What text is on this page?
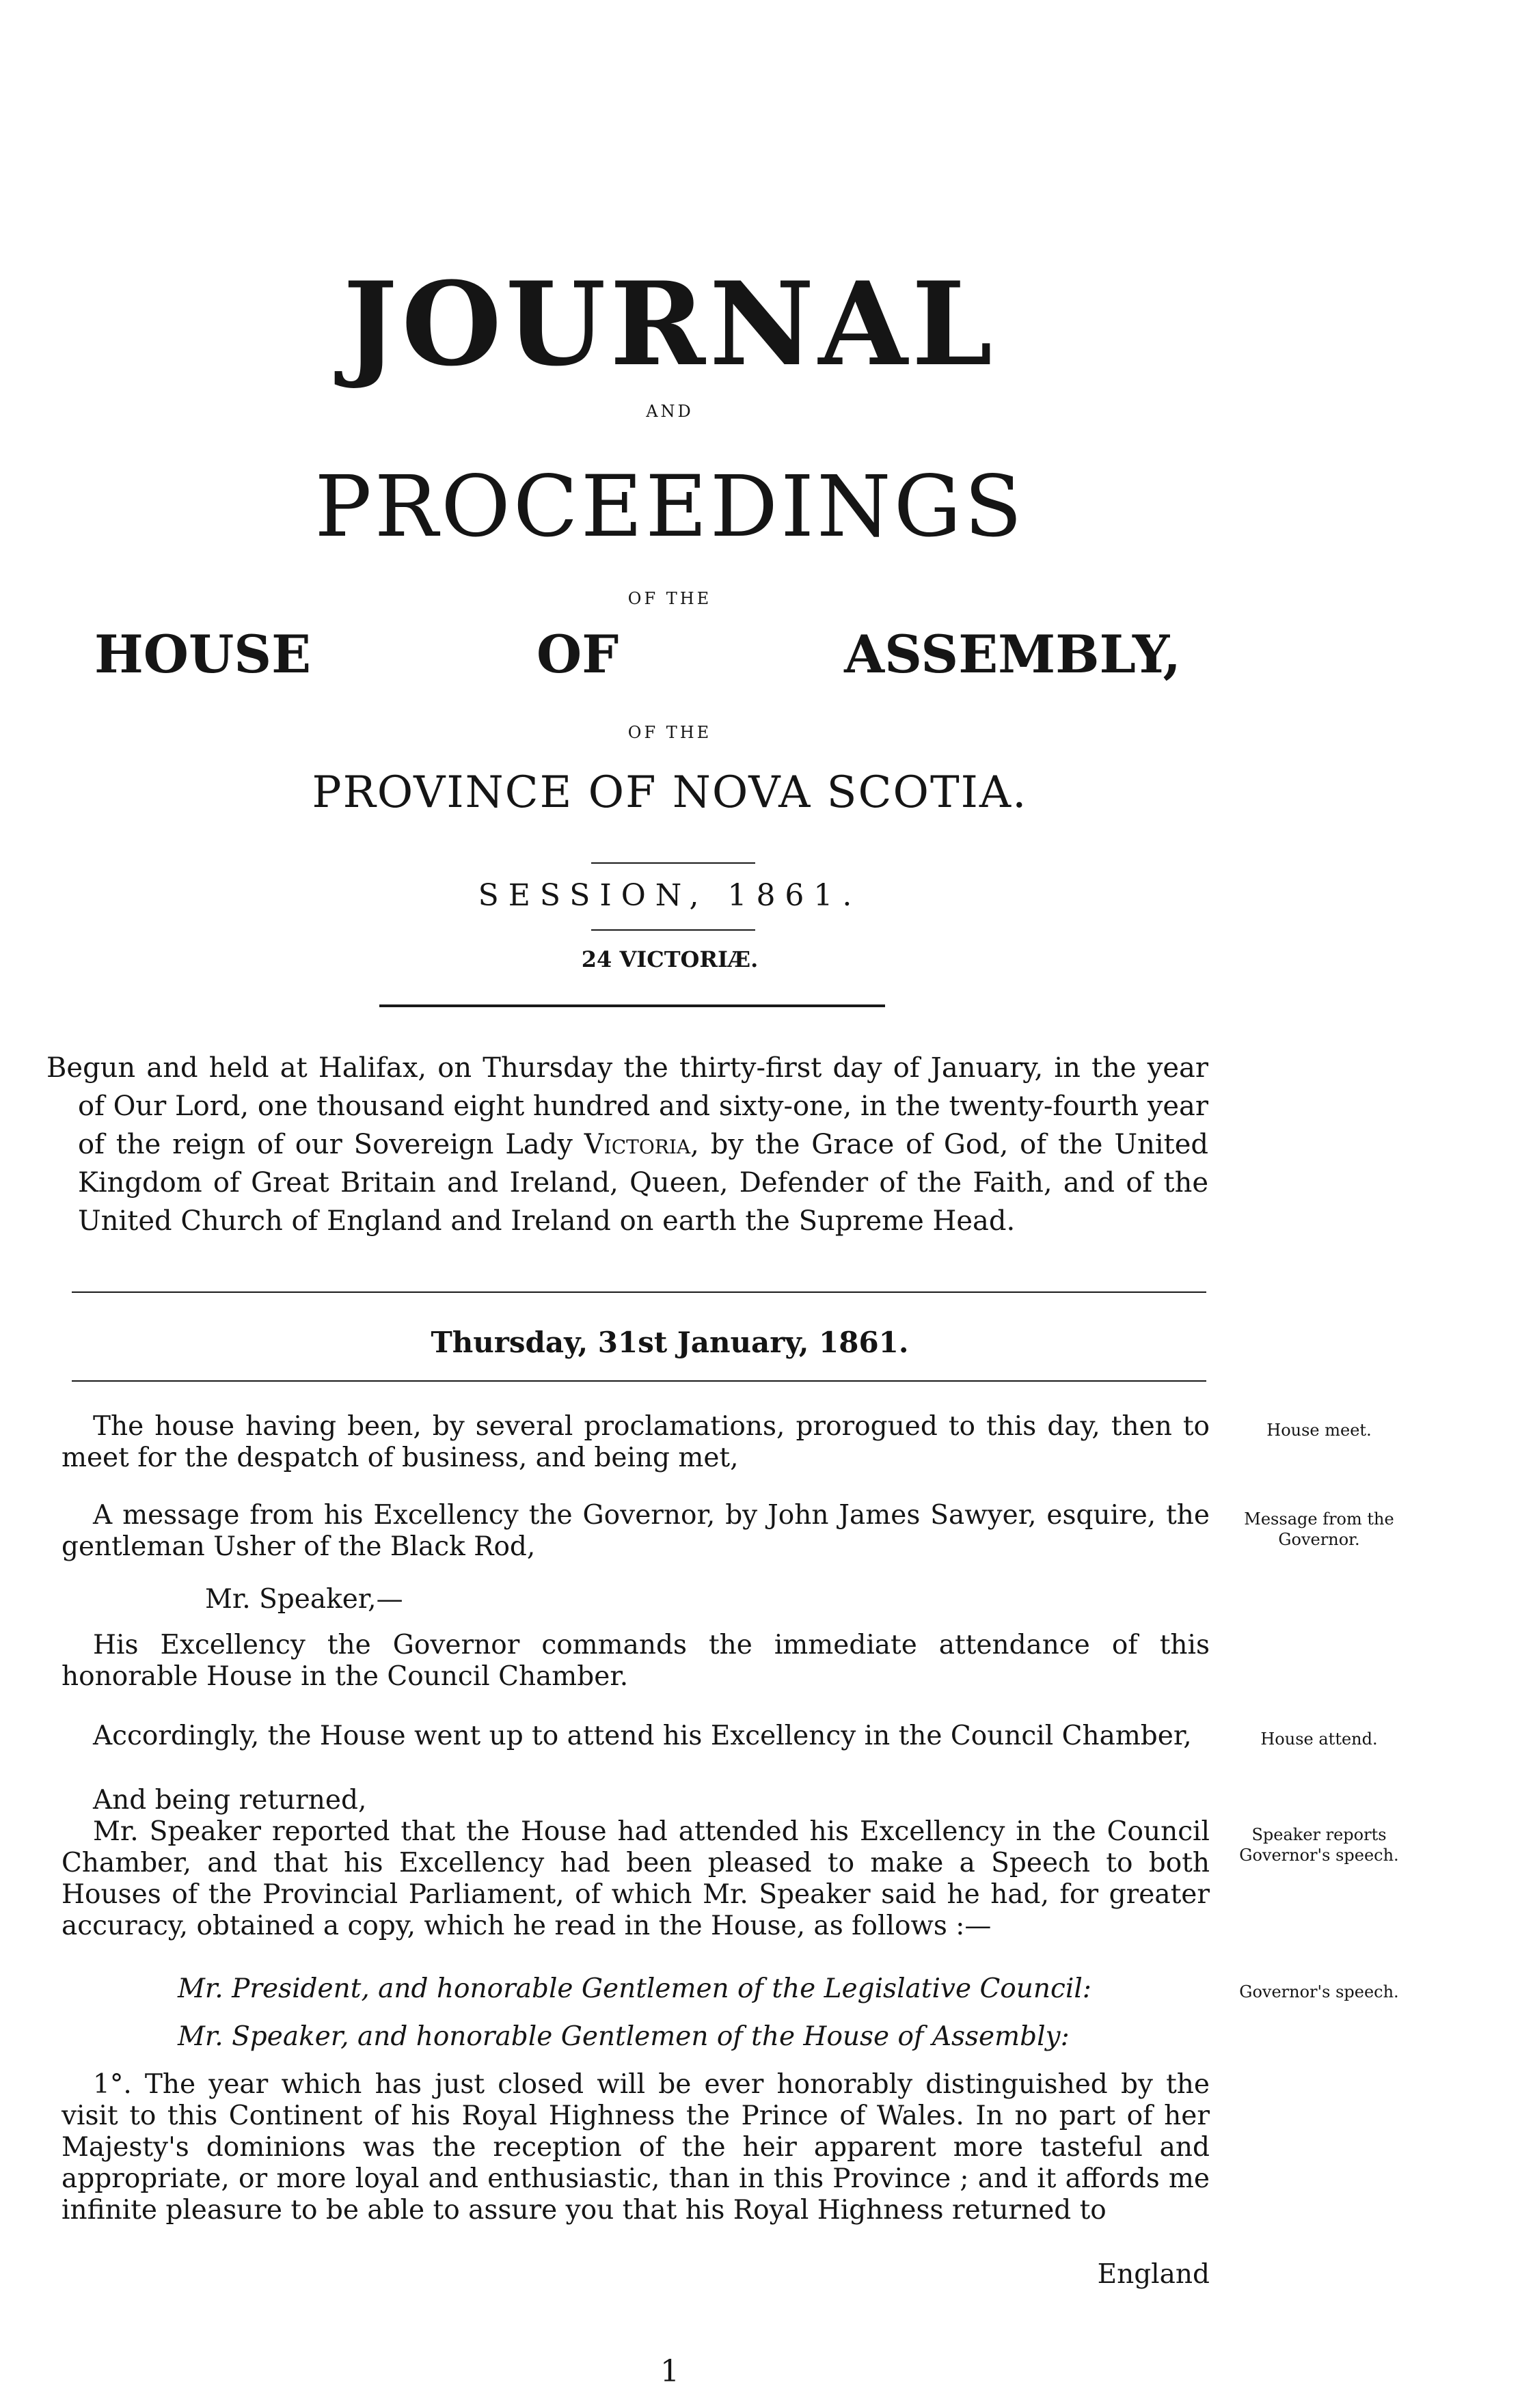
JOURNAL
AND
PROCEEDINGS
OF THE
HOUSE	OF	ASSEMBLY,
OF THE
PROVINCE OF NOVA SCOTIA.
SESSION, 1861.
24 VICTORIÆ.

Begun and held at Halifax, on Thursday the thirty-first day of January, in the year of Our Lord, one thousand eight hundred and sixty-one, in the twenty-fourth year of the reign of our Sovereign Lady Victoria, by the Grace of God, of the United Kingdom of Great Britain and Ireland, Queen, Defender of the Faith, and of the United Church of England and Ireland on earth the Supreme Head.

Thursday, 31st January, 1861.
The house having been, by several proclamations, prorogued to this day, then to meet for the despatch of business, and being met,
A message from his Excellency the Governor, by John James Sawyer, esquire, the gentleman Usher of the Black Rod,
Mr. Speaker,—
His Excellency the Governor commands the immediate attendance of this honorable House in the Council Chamber.
Accordingly, the House went up to attend his Excellency in the Council Chamber,
And being returned,
Mr. Speaker reported that the House had attended his Excellency in the Council Chamber, and that his Excellency had been pleased to make a Speech to both Houses of the Provincial Parliament, of which Mr. Speaker said he had, for greater accuracy, obtained a copy, which he read in the House, as follows :—
Mr. President, and honorable Gentlemen of the Legislative Council:
Mr. Speaker, and honorable Gentlemen of the House of Assembly:
1°. The year which has just closed will be ever honorably distinguished by the visit to this Continent of his Royal Highness the Prince of Wales. In no part of her Majesty's dominions was the reception of the heir apparent more tasteful and appropriate, or more loyal and enthusiastic, than in this Province ; and it affords me infinite pleasure to be able to assure you that his Royal Highness returned to
England
House meet.
Message from the Governor.
House attend.
Speaker reports Governor's speech.
Governor's speech.
1
